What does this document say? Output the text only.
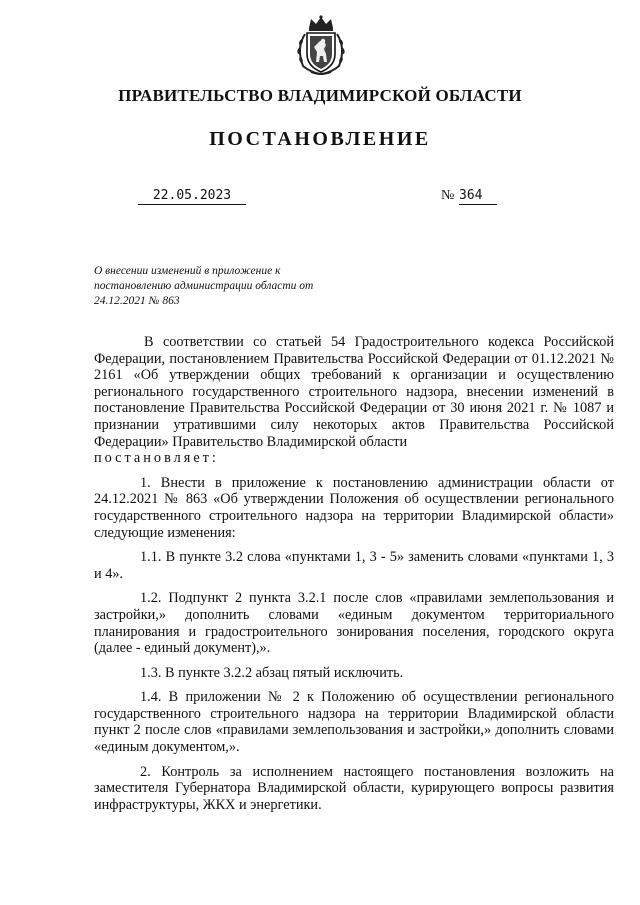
ПРАВИТЕЛЬСТВО ВЛАДИМИРСКОЙ ОБЛАСТИ
ПОСТАНОВЛЕНИЕ
22.05.2023	№ 364
О внесении изменений в приложение к постановлению администрации области от 24.12.2021 № 863

В соответствии со статьей 54 Градостроительного кодекса Российской Федерации, постановлением Правительства Российской Федерации от 01.12.2021 № 2161 «Об утверждении общих требований к организации и осуществлению регионального государственного строительного надзора, внесении изменений в постановление Правительства Российской Федерации от 30 июня 2021 г. № 1087 и признании утратившими силу некоторых актов Правительства Российской Федерации» Правительство Владимирской области
постановляет:

1. Внести в приложение к постановлению администрации области от 24.12.2021 № 863 «Об утверждении Положения об осуществлении регионального государственного строительного надзора на территории Владимирской области» следующие изменения:

1.1. В пункте 3.2 слова «пунктами 1, 3 - 5» заменить словами «пунктами 1, 3 и 4».

1.2. Подпункт 2 пункта 3.2.1 после слов «правилами землепользования и застройки,» дополнить словами «единым документом территориального планирования и градостроительного зонирования поселения, городского округа (далее - единый документ),».

1.3. В пункте 3.2.2 абзац пятый исключить.

1.4. В приложении № 2 к Положению об осуществлении регионального государственного строительного надзора на территории Владимирской области пункт 2 после слов «правилами землепользования и застройки,» дополнить словами «единым документом,».

2. Контроль за исполнением настоящего постановления возложить на заместителя Губернатора Владимирской области, курирующего вопросы развития инфраструктуры, ЖКХ и энергетики.
